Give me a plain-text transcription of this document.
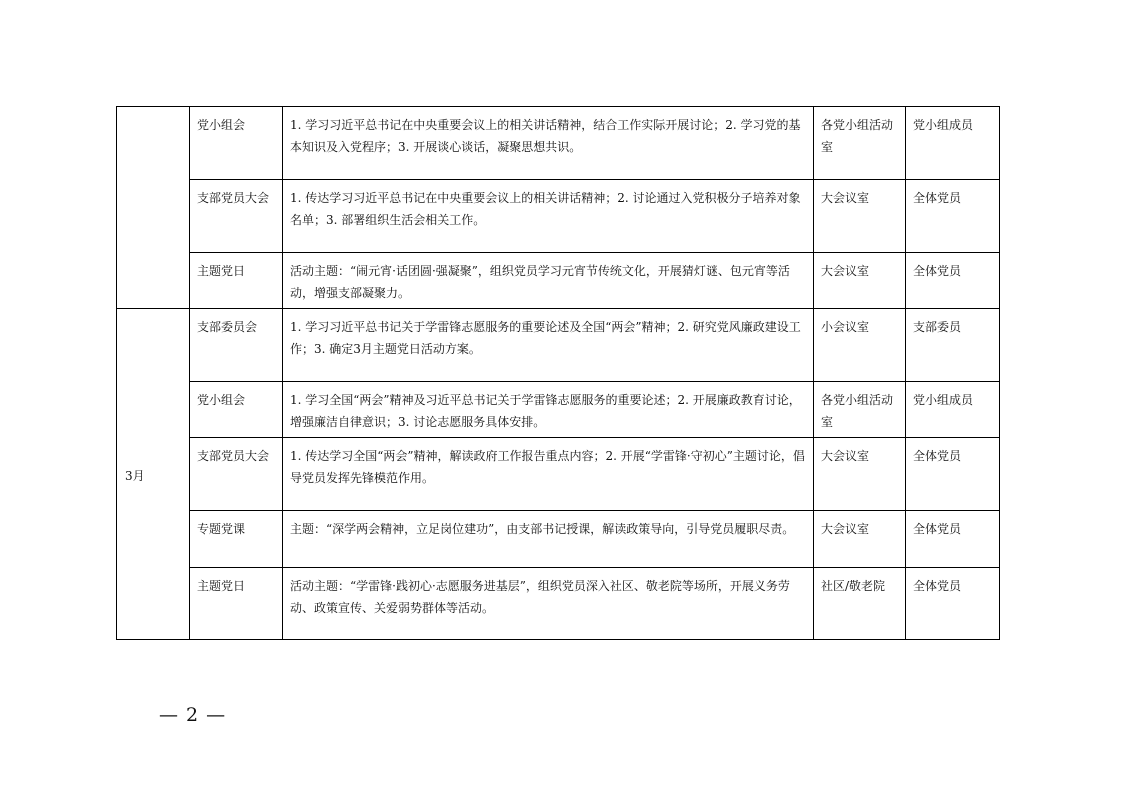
	党小组会	1. 学习习近平总书记在中央重要会议上的相关讲话精神，结合工作实际开展讨论；2. 学习党的基本知识及入党程序；3. 开展谈心谈话，凝聚思想共识。	各党小组活动室	党小组成员
	支部党员大会	1. 传达学习习近平总书记在中央重要会议上的相关讲话精神；2. 讨论通过入党积极分子培养对象名单；3. 部署组织生活会相关工作。	大会议室	全体党员
	主题党日	活动主题：“闹元宵·话团圆·强凝聚”，组织党员学习元宵节传统文化，开展猜灯谜、包元宵等活动，增强支部凝聚力。	大会议室	全体党员
3月	支部委员会	1. 学习习近平总书记关于学雷锋志愿服务的重要论述及全国“两会”精神；2. 研究党风廉政建设工作；3. 确定3月主题党日活动方案。	小会议室	支部委员
	党小组会	1. 学习全国“两会”精神及习近平总书记关于学雷锋志愿服务的重要论述；2. 开展廉政教育讨论，增强廉洁自律意识；3. 讨论志愿服务具体安排。	各党小组活动室	党小组成员
	支部党员大会	1. 传达学习全国“两会”精神，解读政府工作报告重点内容；2. 开展“学雷锋·守初心”主题讨论，倡导党员发挥先锋模范作用。	大会议室	全体党员
	专题党课	主题：“深学两会精神，立足岗位建功”，由支部书记授课，解读政策导向，引导党员履职尽责。	大会议室	全体党员
	主题党日	活动主题：“学雷锋·践初心·志愿服务进基层”，组织党员深入社区、敬老院等场所，开展义务劳动、政策宣传、关爱弱势群体等活动。	社区/敬老院	全体党员
— 2 —
